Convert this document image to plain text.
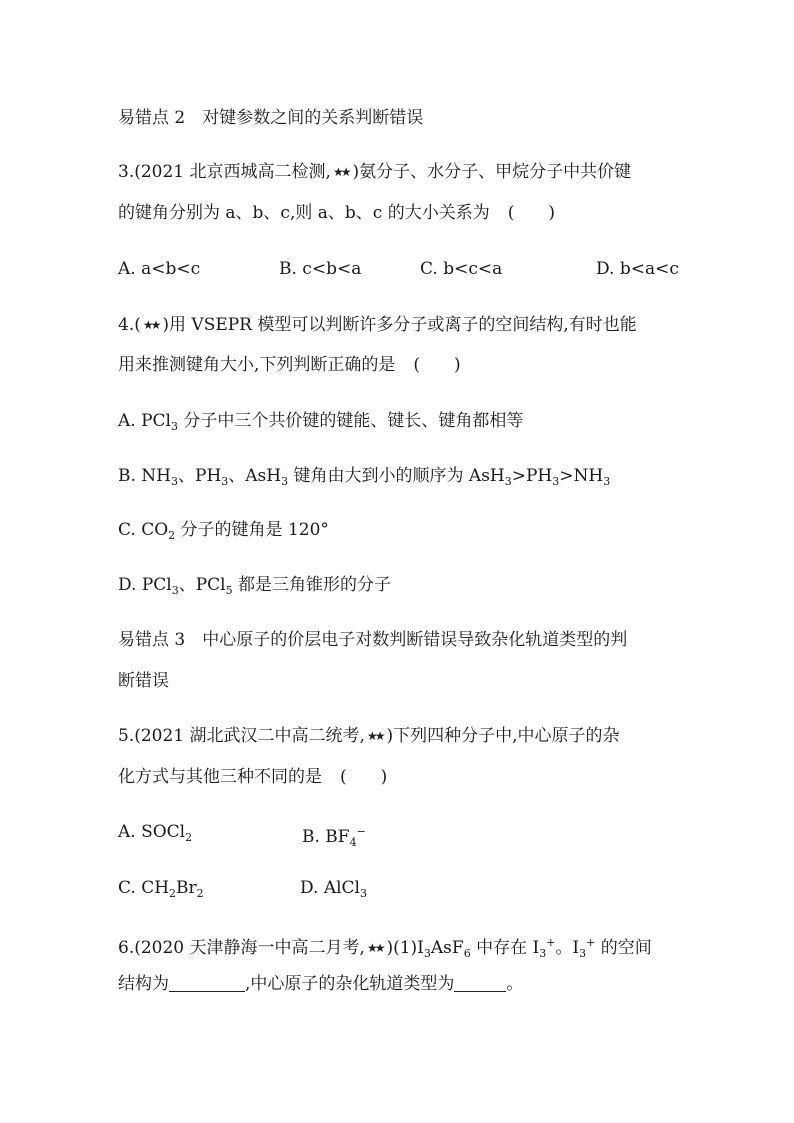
易错点 2　对键参数之间的关系判断错误
3.(2021 北京西城高二检测, ★★ )氨分子、水分子、甲烷分子中共价键
的键角分别为 a、b、c,则 a、b、c 的大小关系为 (　　)
A. a<b<c	B. c<b<a	C. b<c<a	D. b<a<c
4.( ★★ )用 VSEPR 模型可以判断许多分子或离子的空间结构,有时也能
用来推测键角大小,下列判断正确的是 (　　)
A. PCl$_3$ 分子中三个共价键的键能、键长、键角都相等
B. $NH_3$、$PH_3$、AsH$_3$ 键角由大到小的顺序为 $AsH_3>PH_3>NH_3$
C. $CO_2$ 分子的键角是 120°
D. PCl$_3$、PCl$_5$ 都是三角锥形的分子
易错点 3　中心原子的价层电子对数判断错误导致杂化轨道类型的判
断错误
5.(2021 湖北武汉二中高二统考, ★★ )下列四种分子中,中心原子的杂
化方式与其他三种不同的是 (　　)
A. SOCl$_2$	B. $BF_4^-$
C. $CH_2Br_2$	D. AlCl$_3$
6.(2020 天津静海一中高二月考, ★★ )$(1)I_3AsF_6$ 中存在 $I_3^+$。$I_3^+$ 的空间
结构为	,中心原子的杂化轨道类型为	。
